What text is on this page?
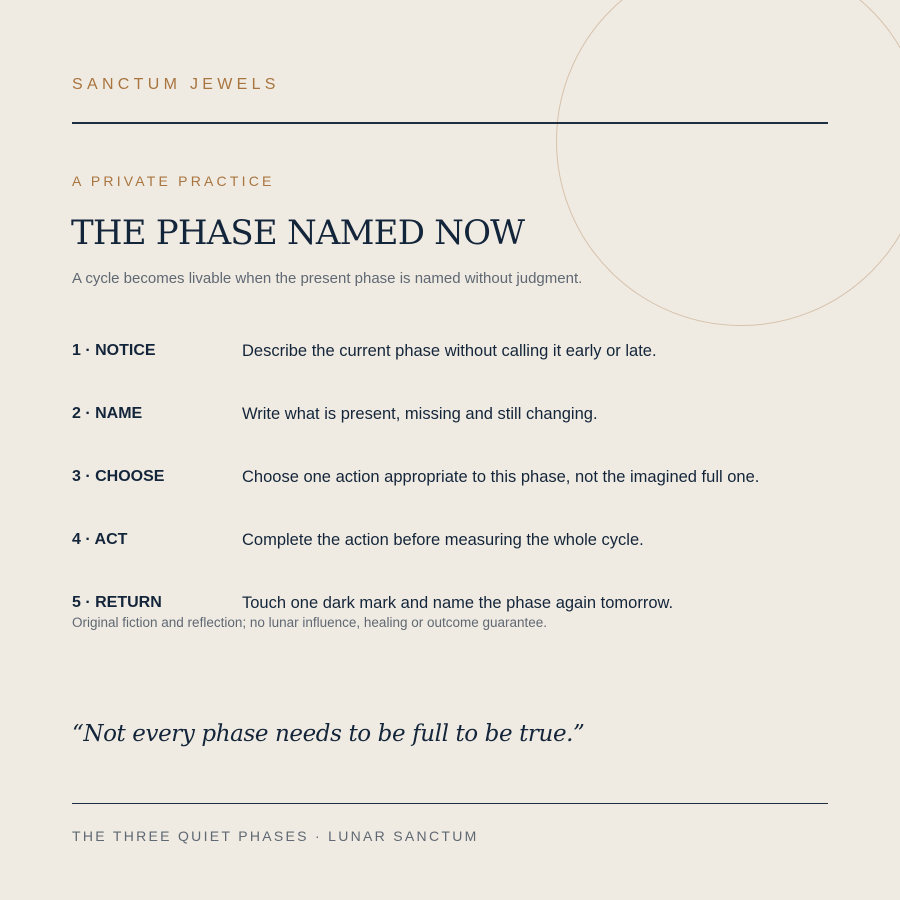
SANCTUM JEWELS
A PRIVATE PRACTICE
THE PHASE NAMED NOW
A cycle becomes livable when the present phase is named without judgment.
1 · NOTICE	Describe the current phase without calling it early or late.
2 · NAME	Write what is present, missing and still changing.
3 · CHOOSE	Choose one action appropriate to this phase, not the imagined full one.
4 · ACT	Complete the action before measuring the whole cycle.
5 · RETURN	Touch one dark mark and name the phase again tomorrow.
Original fiction and reflection; no lunar influence, healing or outcome guarantee.
“Not every phase needs to be full to be true.”
THE THREE QUIET PHASES · LUNAR SANCTUM
